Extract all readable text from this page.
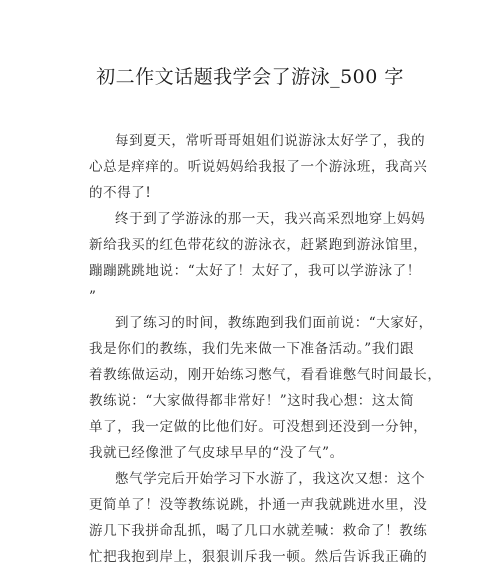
初二作文话题我学会了游泳_500 字
每到夏天，常听哥哥姐姐们说游泳太好学了，我的
心总是痒痒的。听说妈妈给我报了一个游泳班，我高兴
的不得了!
终于到了学游泳的那一天，我兴高采烈地穿上妈妈
新给我买的红色带花纹的游泳衣，赶紧跑到游泳馆里，
蹦蹦跳跳地说：“太好了！太好了，我可以学游泳了！
”
到了练习的时间，教练跑到我们面前说：“大家好，
我是你们的教练，我们先来做一下准备活动。”我们跟
着教练做运动，刚开始练习憋气，看看谁憋气时间最长，
教练说：“大家做得都非常好！”这时我心想：这太简
单了，我一定做的比他们好。可没想到还没到一分钟，
我就已经像泄了气皮球早早的“没了气”。
憋气学完后开始学习下水游了，我这次又想：这个
更简单了！没等教练说跳，扑通一声我就跳进水里，没
游几下我拼命乱抓，喝了几口水就差喊：救命了！教练
忙把我抱到岸上，狠狠训斥我一顿。然后告诉我正确的
